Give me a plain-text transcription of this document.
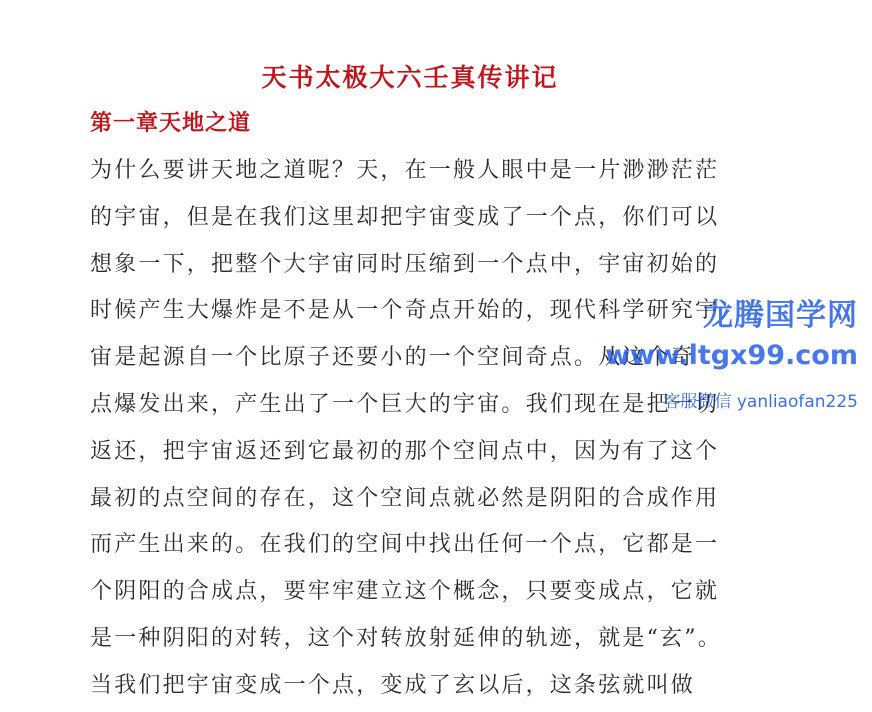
天书太极大六壬真传讲记
第一章天地之道
为什么要讲天地之道呢？天，在一般人眼中是一片渺渺茫茫
的宇宙，但是在我们这里却把宇宙变成了一个点，你们可以
想象一下，把整个大宇宙同时压缩到一个点中，宇宙初始的
时候产生大爆炸是不是从一个奇点开始的，现代科学研究宇
宙是起源自一个比原子还要小的一个空间奇点。从这个奇
点爆发出来，产生出了一个巨大的宇宙。我们现在是把一切
返还，把宇宙返还到它最初的那个空间点中，因为有了这个
最初的点空间的存在，这个空间点就必然是阴阳的合成作用
而产生出来的。在我们的空间中找出任何一个点，它都是一
个阴阳的合成点，要牢牢建立这个概念，只要变成点，它就
是一种阴阳的对转，这个对转放射延伸的轨迹，就是“玄”。
当我们把宇宙变成一个点，变成了玄以后，这条弦就叫做
龙腾国学网
www.ltgx99.com
客服微信 yanliaofan225
